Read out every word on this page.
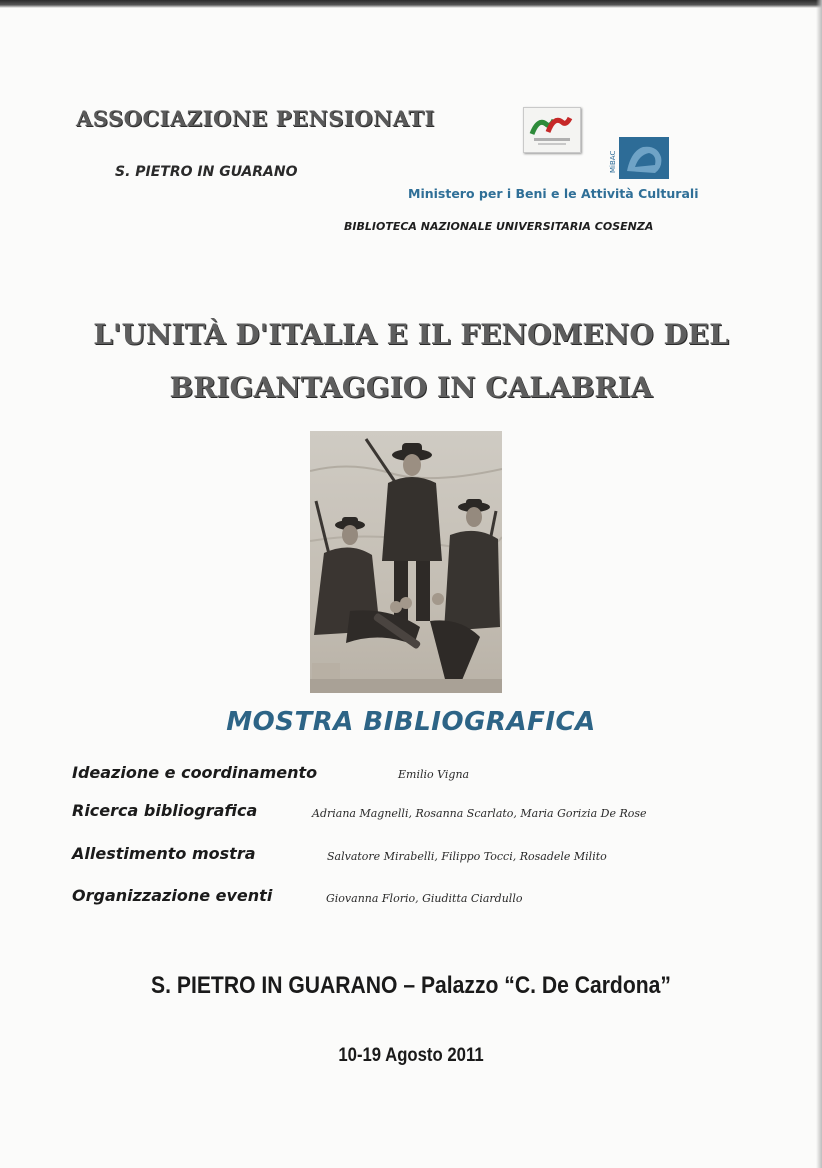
ASSOCIAZIONE PENSIONATI
S. PIETRO IN GUARANO	MiBAC
Ministero per i Beni e le Attività Culturali
BIBLIOTECA NAZIONALE UNIVERSITARIA COSENZA
L'UNITÀ D'ITALIA E IL FENOMENO DEL
BRIGANTAGGIO IN CALABRIA
MOSTRA BIBLIOGRAFICA
Ideazione e coordinamento	Emilio Vigna
Ricerca bibliografica	Adriana Magnelli, Rosanna Scarlato, Maria Gorizia De Rose
Allestimento mostra	Salvatore Mirabelli, Filippo Tocci, Rosadele Milito
Organizzazione eventi	Giovanna Florio, Giuditta Ciardullo
S. PIETRO IN GUARANO – Palazzo “C. De Cardona”
10-19 Agosto 2011
